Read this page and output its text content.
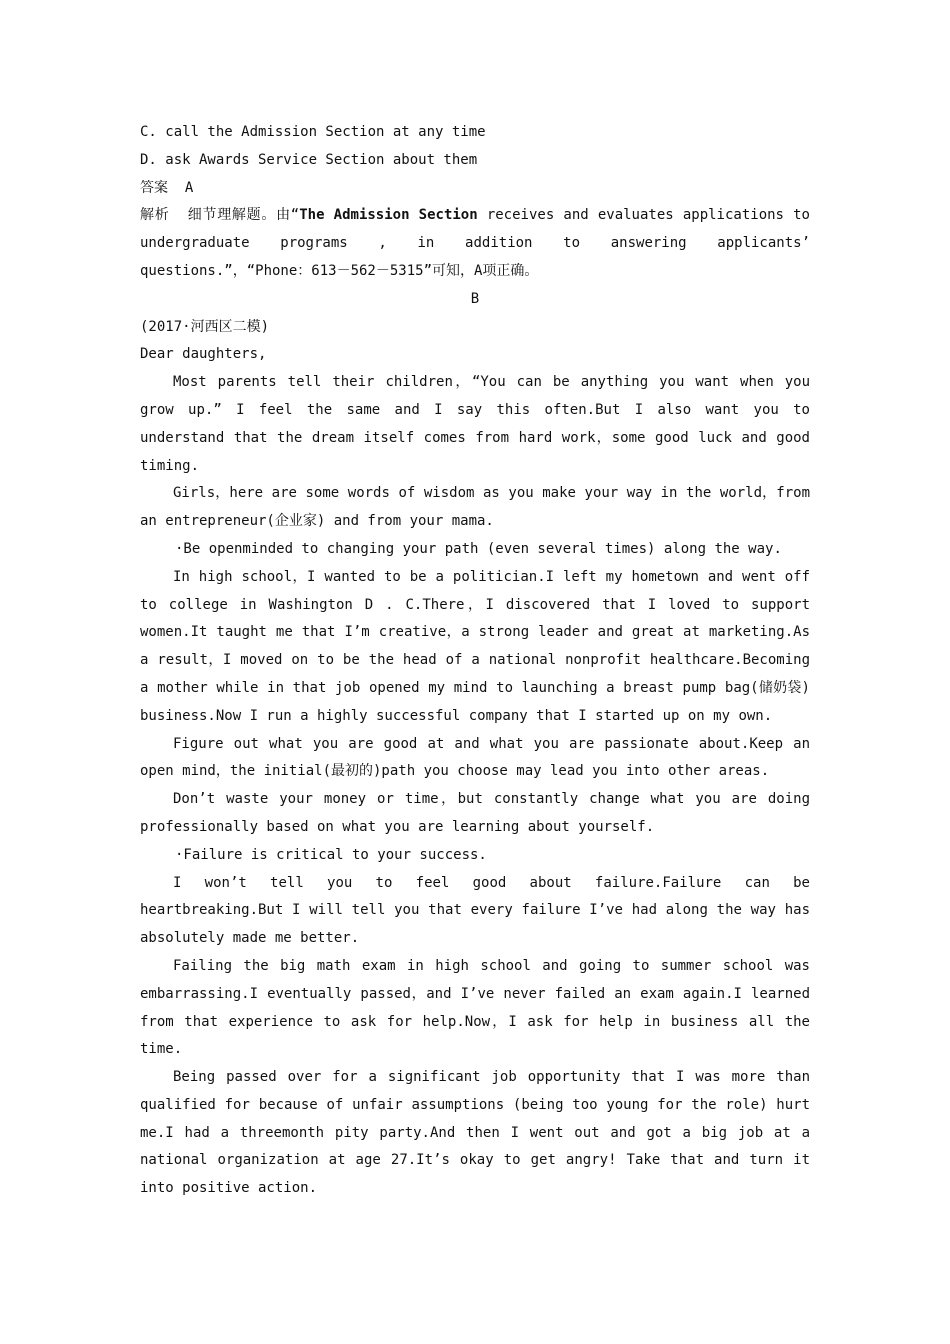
C. call the Admission Section at any time
D. ask Awards Service Section about them
答案 A

解析 细节理解题。由“The Admission Section receives and evaluates applications to undergraduate programs , in addition to answering applicants’ questions.”，“Phone：613－562－5315”可知，A项正确。

B
(2017·河西区二模)
Dear daughters,

Most parents tell their children，“You can be anything you want when you grow up.” I feel the same and I say this often.But I also want you to understand that the dream itself comes from hard work，some good luck and good timing.

Girls，here are some words of wisdom as you make your way in the world，from an entrepreneur(企业家) and from your mama.

·Be openminded to changing your path (even several times) along the way.

In high school，I wanted to be a politician.I left my hometown and went off to college in Washington D . C.There，I discovered that I loved to support women.It taught me that I’m creative，a strong leader and great at marketing.As a result，I moved on to be the head of a national nonprofit healthcare.Becoming a mother while in that job opened my mind to launching a breast pump bag(储奶袋) business.Now I run a highly successful company that I started up on my own.

Figure out what you are good at and what you are passionate about.Keep an open mind，the initial(最初的)path you choose may lead you into other areas.

Don’t waste your money or time，but constantly change what you are doing professionally based on what you are learning about yourself.

·Failure is critical to your success.

I won’t tell you to feel good about failure.Failure can be heartbreaking.But I will tell you that every failure I’ve had along the way has absolutely made me better.

Failing the big math exam in high school and going to summer school was embarrassing.I eventually passed，and I’ve never failed an exam again.I learned from that experience to ask for help.Now，I ask for help in business all the time.

Being passed over for a significant job opportunity that I was more than qualified for because of unfair assumptions (being too young for the role) hurt me.I had a threemonth pity party.And then I went out and got a big job at a national organization at age 27.It’s okay to get angry! Take that and turn it into positive action.
